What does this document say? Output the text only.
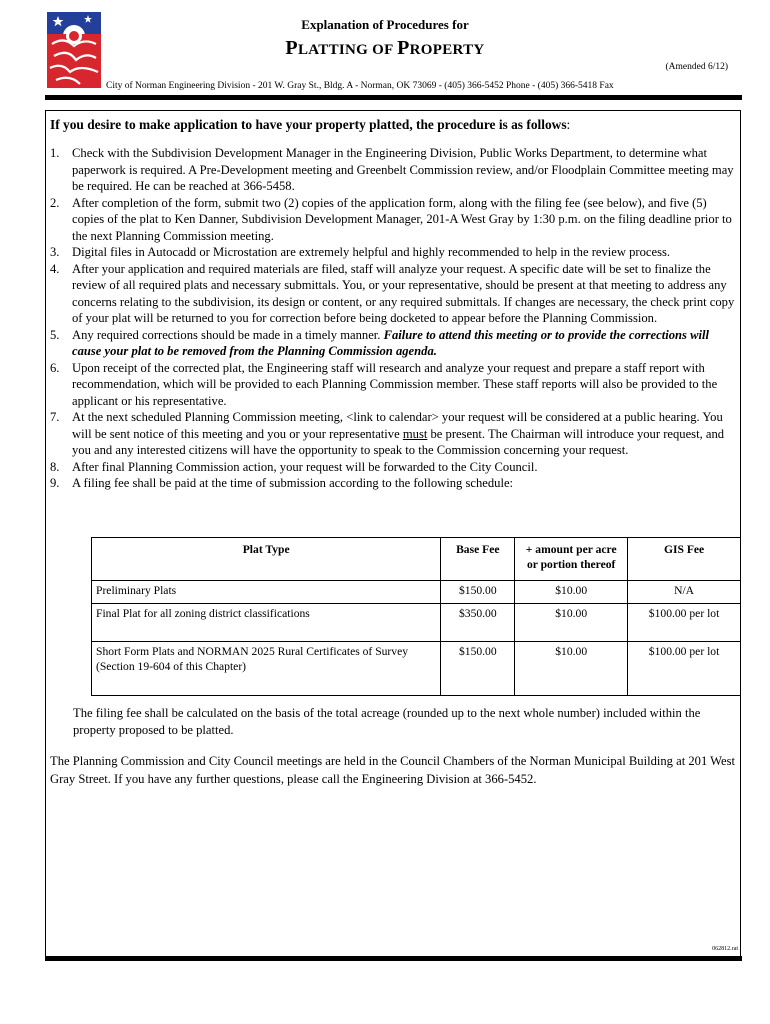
Explanation of Procedures for
PLATTING OF PROPERTY
(Amended 6/12)
City of Norman Engineering Division - 201 W. Gray St., Bldg. A - Norman, OK 73069 - (405) 366-5452 Phone - (405) 366-5418 Fax
If you desire to make application to have your property platted, the procedure is as follows:
1. Check with the Subdivision Development Manager in the Engineering Division, Public Works Department, to determine what paperwork is required. A Pre-Development meeting and Greenbelt Commission review, and/or Floodplain Committee meeting may be required. He can be reached at 366-5458.
2. After completion of the form, submit two (2) copies of the application form, along with the filing fee (see below), and five (5) copies of the plat to Ken Danner, Subdivision Development Manager, 201-A West Gray by 1:30 p.m. on the filing deadline prior to the next Planning Commission meeting.
3. Digital files in Autocadd or Microstation are extremely helpful and highly recommended to help in the review process.
4. After your application and required materials are filed, staff will analyze your request. A specific date will be set to finalize the review of all required plats and necessary submittals. You, or your representative, should be present at that meeting to address any concerns relating to the subdivision, its design or content, or any required submittals. If changes are necessary, the check print copy of your plat will be returned to you for correction before being docketed to appear before the Planning Commission.
5. Any required corrections should be made in a timely manner. Failure to attend this meeting or to provide the corrections will cause your plat to be removed from the Planning Commission agenda.
6. Upon receipt of the corrected plat, the Engineering staff will research and analyze your request and prepare a staff report with recommendation, which will be provided to each Planning Commission member. These staff reports will also be provided to the applicant or his representative.
7. At the next scheduled Planning Commission meeting, <link to calendar> your request will be considered at a public hearing. You will be sent notice of this meeting and you or your representative must be present. The Chairman will introduce your request, and you and any interested citizens will have the opportunity to speak to the Commission concerning your request.
8. After final Planning Commission action, your request will be forwarded to the City Council.
9. A filing fee shall be paid at the time of submission according to the following schedule:
Plat Type	Base Fee	+ amount per acre or portion thereof	GIS Fee
Preliminary Plats	$150.00	$10.00	N/A
Final Plat for all zoning district classifications	$350.00	$10.00	$100.00 per lot
Short Form Plats and NORMAN 2025 Rural Certificates of Survey (Section 19-604 of this Chapter)	$150.00	$10.00	$100.00 per lot
The filing fee shall be calculated on the basis of the total acreage (rounded up to the next whole number) included within the property proposed to be platted.
The Planning Commission and City Council meetings are held in the Council Chambers of the Norman Municipal Building at 201 West Gray Street. If you have any further questions, please call the Engineering Division at 366-5452.
062812.rat
